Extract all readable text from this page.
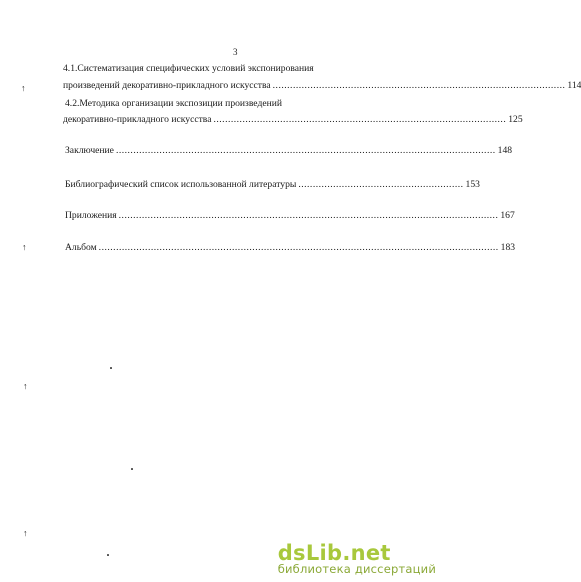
3
4.1.Систематизация специфических условий экспонирования
произведений декоративно-прикладного искусства ..................................................................................................... 114
4.2.Методика организации экспозиции произведений
декоративно-прикладного искусства ..................................................................................................... 125
Заключение ................................................................................................................................... 148
Библиографический список использованной литературы ......................................................... 153
Приложения ................................................................................................................................... 167
Альбом .......................................................................................................................................... 183
↑
↑
↑
↑
dsLib . net
библиотека диссертаций
